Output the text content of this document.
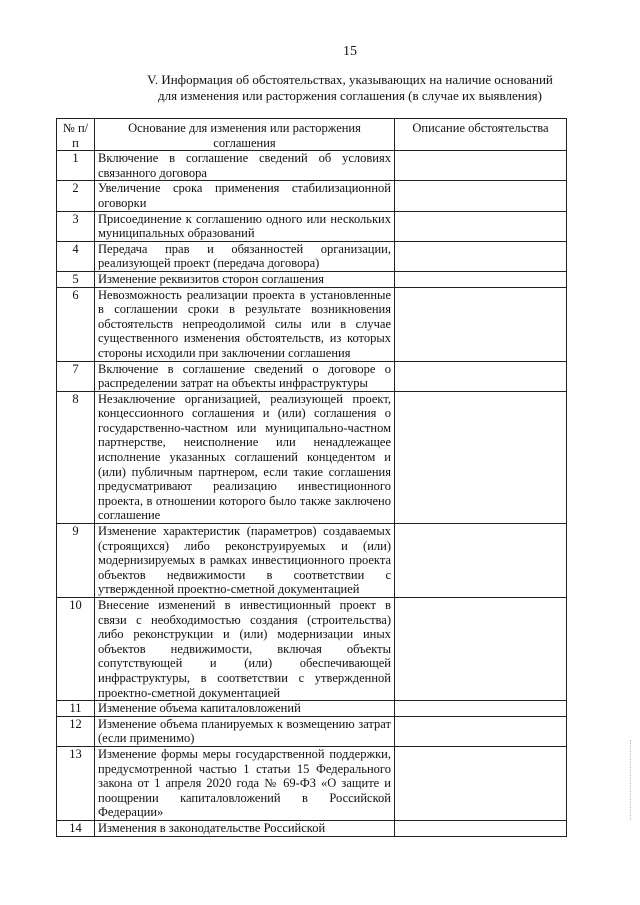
15
V. Информация об обстоятельствах, указывающих на наличие оснований
для изменения или расторжения соглашения (в случае их выявления)
№ п/п	Основание для изменения или расторжения соглашения	Описание обстоятельства
1	Включение в соглашение сведений об условиях связанного договора	
2	Увеличение срока применения стабилизационной оговорки	
3	Присоединение к соглашению одного или нескольких муниципальных образований	
4	Передача прав и обязанностей организации, реализующей проект (передача договора)	
5	Изменение реквизитов сторон соглашения	
6	Невозможность реализации проекта в установленные в соглашении сроки в результате возникновения обстоятельств непреодолимой силы или в случае существенного изменения обстоятельств, из которых стороны исходили при заключении соглашения	
7	Включение в соглашение сведений о договоре о распределении затрат на объекты инфраструктуры	
8	Незаключение организацией, реализующей проект, концессионного соглашения и (или) соглашения о государственно-частном или муниципально-частном партнерстве, неисполнение или ненадлежащее исполнение указанных соглашений концедентом и (или) публичным партнером, если такие соглашения предусматривают реализацию инвестиционного проекта, в отношении которого было также заключено соглашение	
9	Изменение характеристик (параметров) создаваемых (строящихся) либо реконструируемых и (или) модернизируемых в рамках инвестиционного проекта объектов недвижимости в соответствии с утвержденной проектно-сметной документацией	
10	Внесение изменений в инвестиционный проект в связи с необходимостью создания (строительства) либо реконструкции и (или) модернизации иных объектов недвижимости, включая объекты сопутствующей и (или) обеспечивающей инфраструктуры, в соответствии с утвержденной проектно-сметной документацией	
11	Изменение объема капиталовложений	
12	Изменение объема планируемых к возмещению затрат (если применимо)	
13	Изменение формы меры государственной поддержки, предусмотренной частью 1 статьи 15 Федерального закона от 1 апреля 2020 года № 69-ФЗ «О защите и поощрении капиталовложений в Российской Федерации»	
14	Изменения в законодательстве Российской	
